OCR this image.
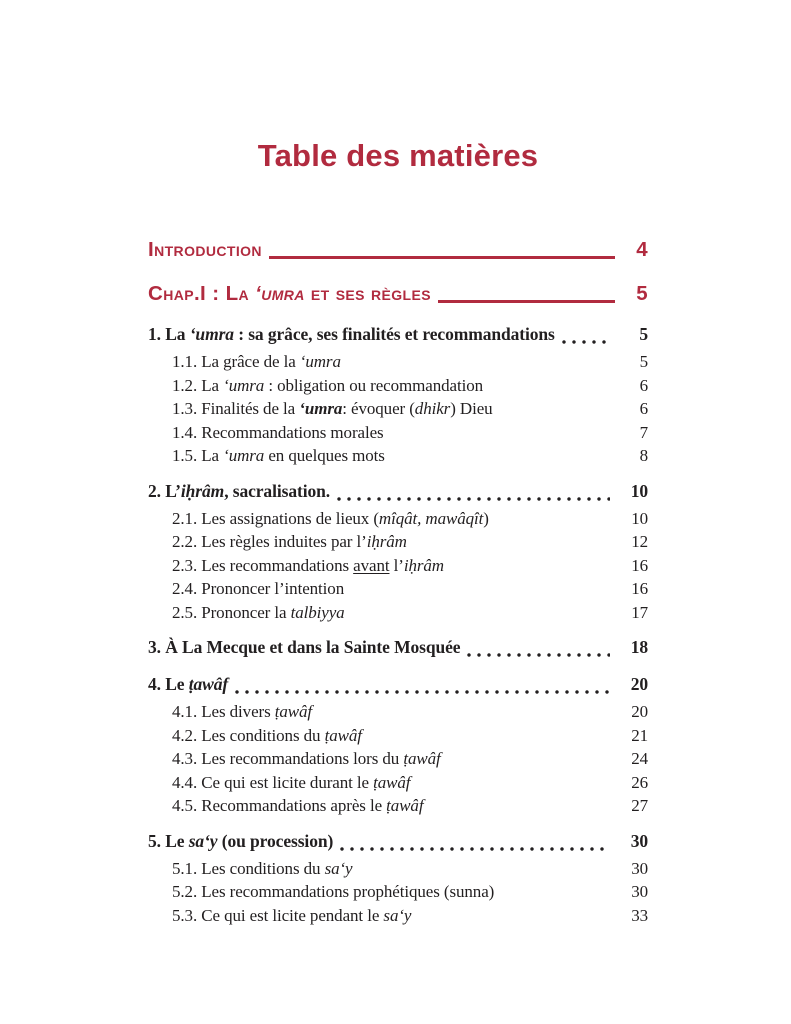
Table des matières
Introduction	4
Chap.I : La ‘umra et ses règles	5
1. La ‘umra : sa grâce, ses finalités et recommandations	5
1.1. La grâce de la ‘umra	5
1.2. La ‘umra : obligation ou recommandation	6
1.3. Finalités de la ‘umra: évoquer (dhikr) Dieu	6
1.4. Recommandations morales	7
1.5. La ‘umra en quelques mots	8
2. L’iḥrâm, sacralisation.	10
2.1. Les assignations de lieux (mîqât, mawâqît)	10
2.2. Les règles induites par l’iḥrâm	12
2.3. Les recommandations avant l’iḥrâm	16
2.4. Prononcer l’intention	16
2.5. Prononcer la talbiyya	17
3. À La Mecque et dans la Sainte Mosquée	18
4. Le ṭawâf	20
4.1. Les divers ṭawâf	20
4.2. Les conditions du ṭawâf	21
4.3. Les recommandations lors du ṭawâf	24
4.4. Ce qui est licite durant le ṭawâf	26
4.5. Recommandations après le ṭawâf	27
5. Le sa‘y (ou procession)	30
5.1. Les conditions du sa‘y	30
5.2. Les recommandations prophétiques (sunna)	30
5.3. Ce qui est licite pendant le sa‘y	33
